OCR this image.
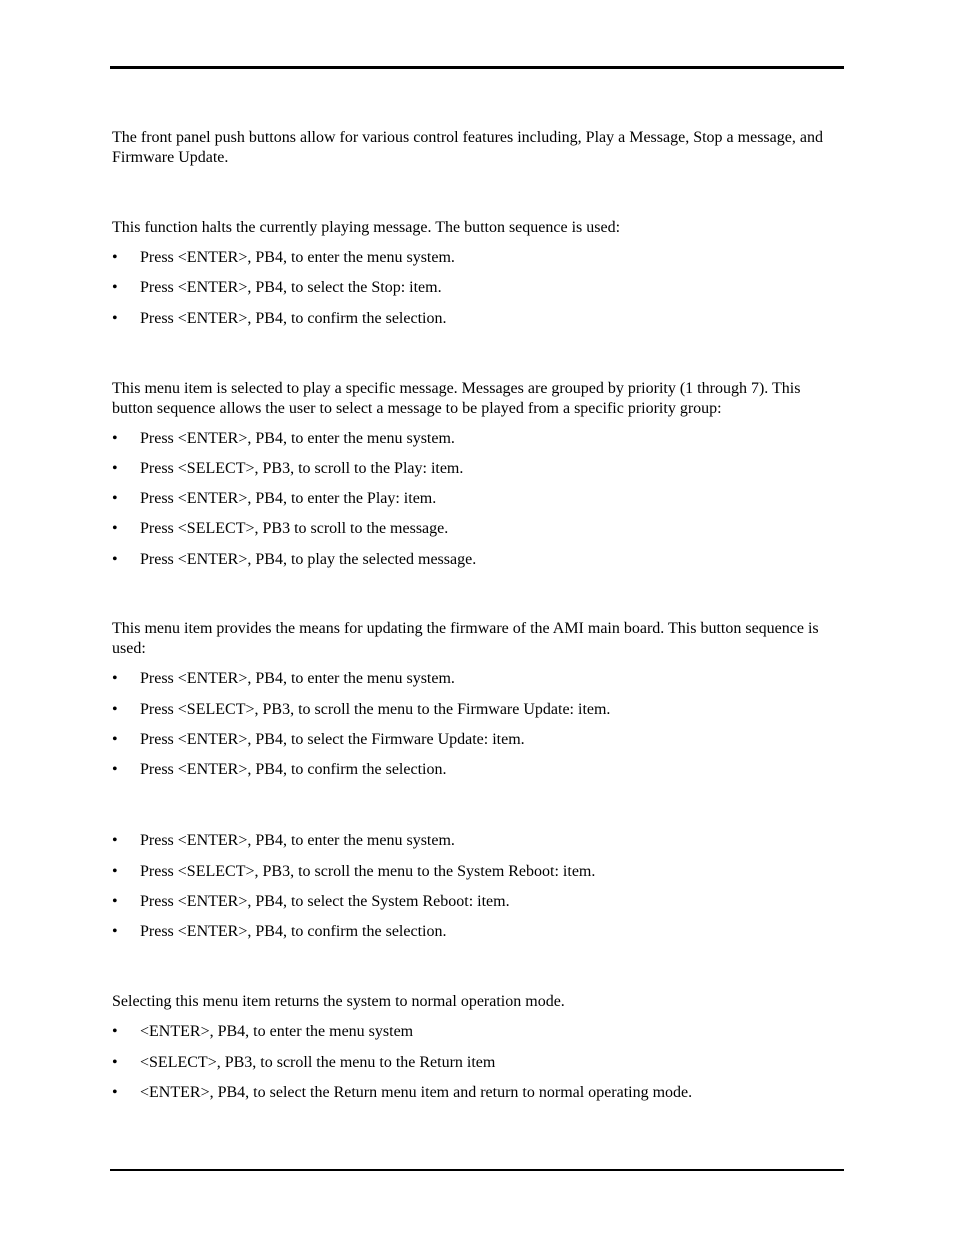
The front panel push buttons allow for various control features including, Play a Message, Stop a message, and Firmware Update.

This function halts the currently playing message. The button sequence is used:

•	Press <ENTER>, PB4, to enter the menu system.
•	Press <ENTER>, PB4, to select the Stop: item.
•	Press <ENTER>, PB4, to confirm the selection.

This menu item is selected to play a specific message. Messages are grouped by priority (1 through 7). This button sequence allows the user to select a message to be played from a specific priority group:

•	Press <ENTER>, PB4, to enter the menu system.
•	Press <SELECT>, PB3, to scroll to the Play: item.
•	Press <ENTER>, PB4, to enter the Play: item.
•	Press <SELECT>, PB3 to scroll to the message.
•	Press <ENTER>, PB4, to play the selected message.

This menu item provides the means for updating the firmware of the AMI main board. This button sequence is used:

•	Press <ENTER>, PB4, to enter the menu system.
•	Press <SELECT>, PB3, to scroll the menu to the Firmware Update: item.
•	Press <ENTER>, PB4, to select the Firmware Update: item.
•	Press <ENTER>, PB4, to confirm the selection.
•	Press <ENTER>, PB4, to enter the menu system.
•	Press <SELECT>, PB3, to scroll the menu to the System Reboot: item.
•	Press <ENTER>, PB4, to select the System Reboot: item.
•	Press <ENTER>, PB4, to confirm the selection.

Selecting this menu item returns the system to normal operation mode.

•	<ENTER>, PB4, to enter the menu system
•	<SELECT>, PB3, to scroll the menu to the Return item
•	<ENTER>, PB4, to select the Return menu item and return to normal operating mode.
